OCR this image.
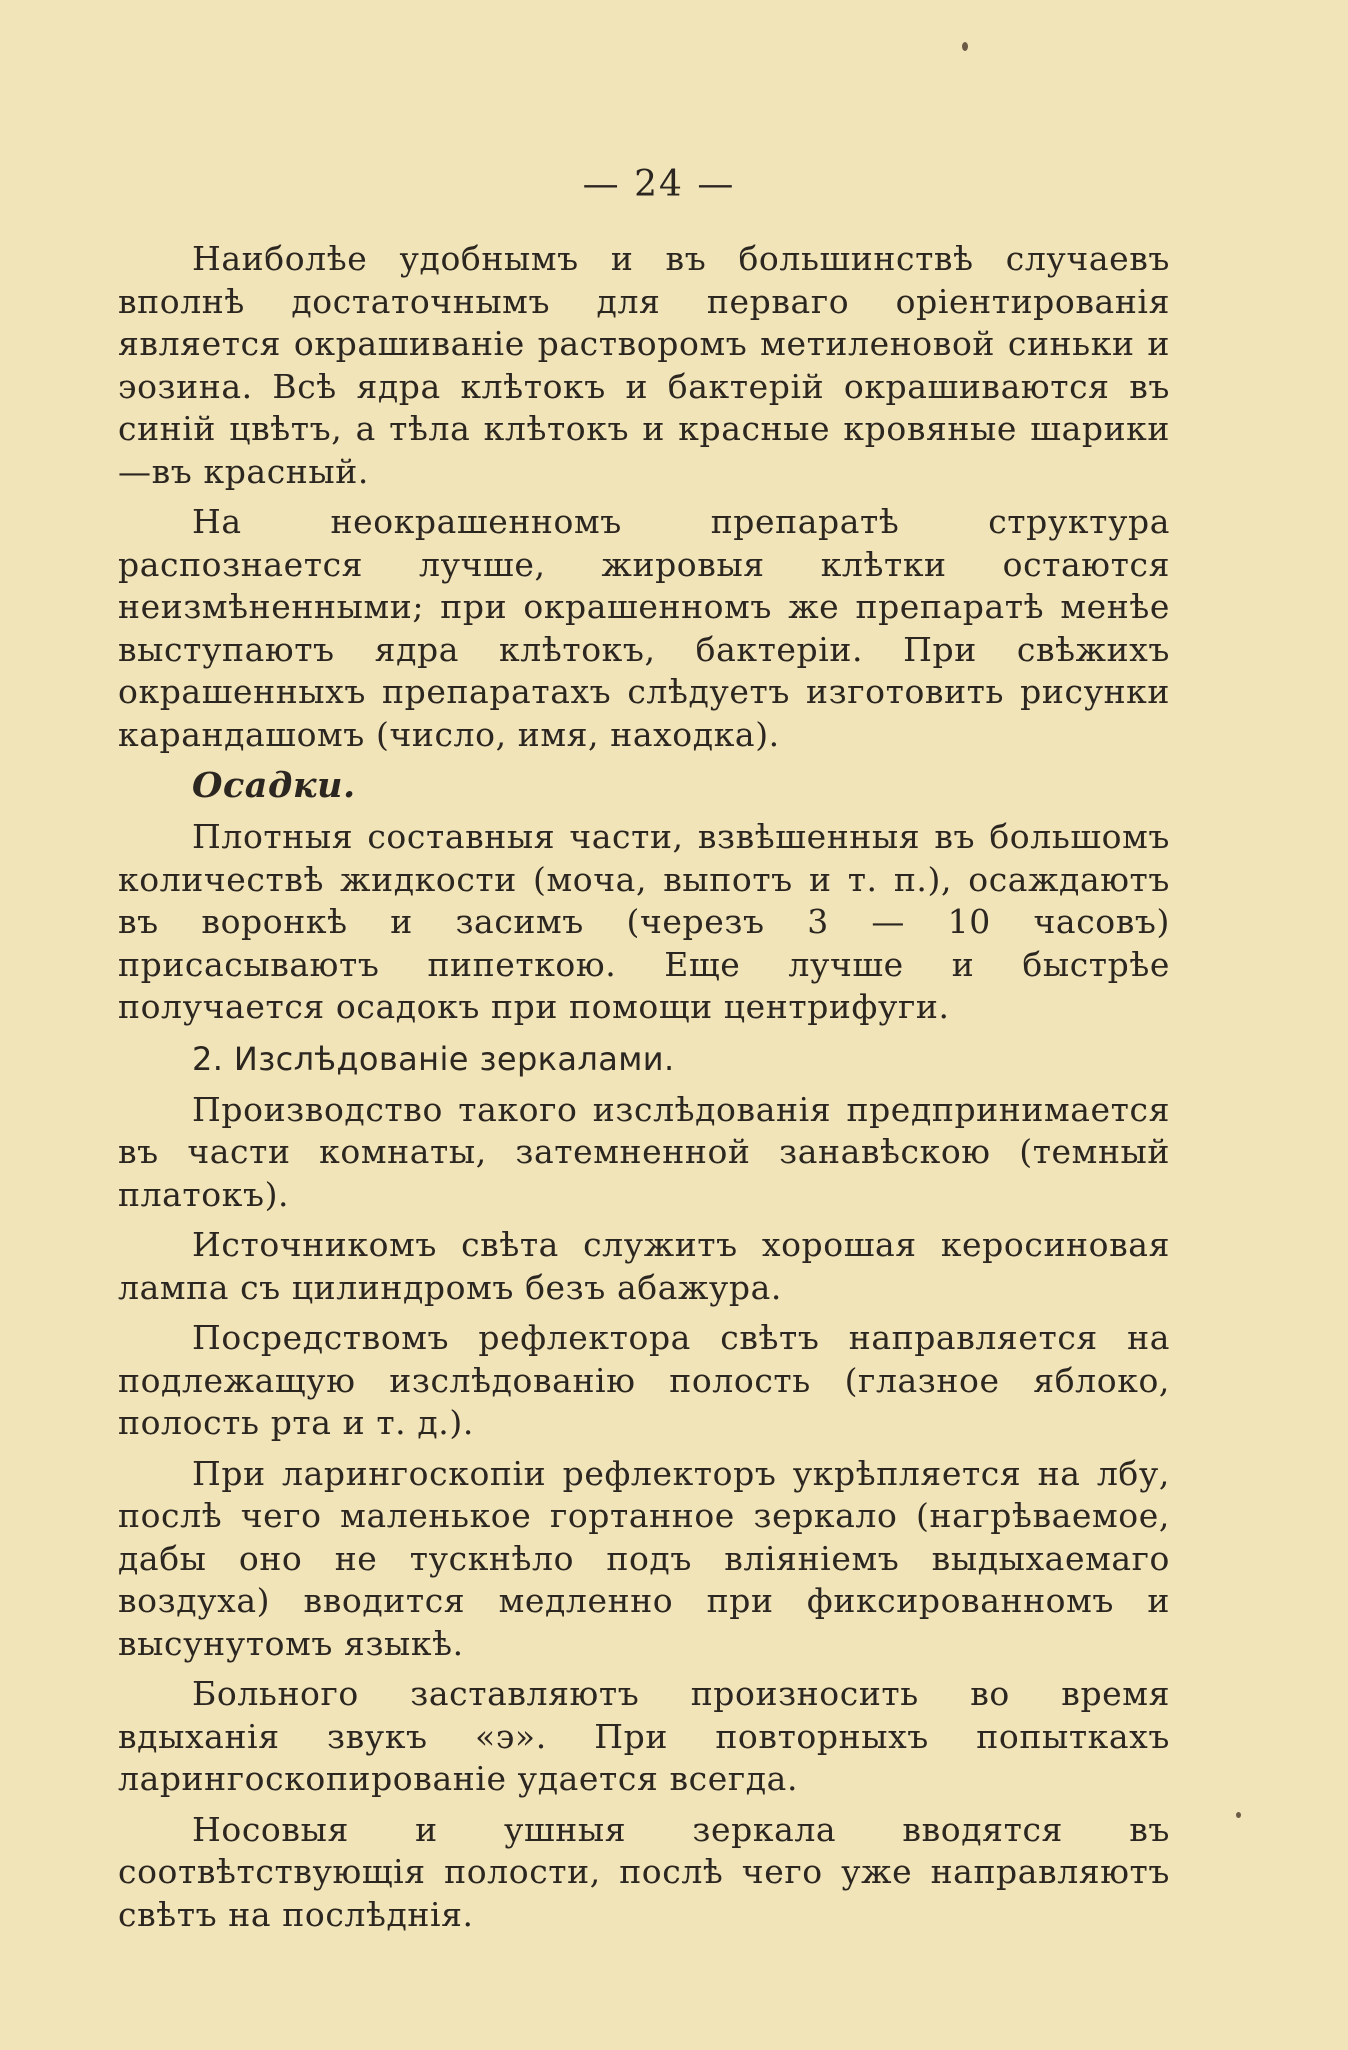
— 24 —

Наиболѣе удобнымъ и въ большинствѣ случаевъ вполнѣ достаточнымъ для перваго оріентированія является окрашиваніе растворомъ метиленовой синьки и эозина. Всѣ ядра клѣтокъ и бактерій окрашиваются въ синій цвѣтъ, а тѣла клѣтокъ и красные кровяные шарики—въ красный.

На неокрашенномъ препаратѣ структура распознается лучше, жировыя клѣтки остаются неизмѣненными; при окрашенномъ же препаратѣ менѣе выступаютъ ядра клѣтокъ, бактеріи. При свѣжихъ окрашенныхъ препаратахъ слѣдуетъ изготовить рисунки карандашомъ (число, имя, находка).

Осадки.

Плотныя составныя части, взвѣшенныя въ большомъ количествѣ жидкости (моча, выпотъ и т. п.), осаждаютъ въ воронкѣ и засимъ (черезъ 3 — 10 часовъ) присасываютъ пипеткою. Еще лучше и быстрѣе получается осадокъ при помощи центрифуги.

2. Изслѣдованіе зеркалами.

Производство такого изслѣдованія предпринимается въ части комнаты, затемненной занавѣскою (темный платокъ).

Источникомъ свѣта служитъ хорошая керосиновая лампа съ цилиндромъ безъ абажура.

Посредствомъ рефлектора свѣтъ направляется на подлежащую изслѣдованію полость (глазное яблоко, полость рта и т. д.).

При ларингоскопіи рефлекторъ укрѣпляется на лбу, послѣ чего маленькое гортанное зеркало (нагрѣваемое, дабы оно не тускнѣло подъ вліяніемъ выдыхаемаго воздуха) вводится медленно при фиксированномъ и высунутомъ языкѣ.

Больного заставляютъ произносить во время вдыханія звукъ «э». При повторныхъ попыткахъ ларингоскопированіе удается всегда.

Носовыя и ушныя зеркала вводятся въ соотвѣтствующія полости, послѣ чего уже направляютъ свѣтъ на послѣднія.
